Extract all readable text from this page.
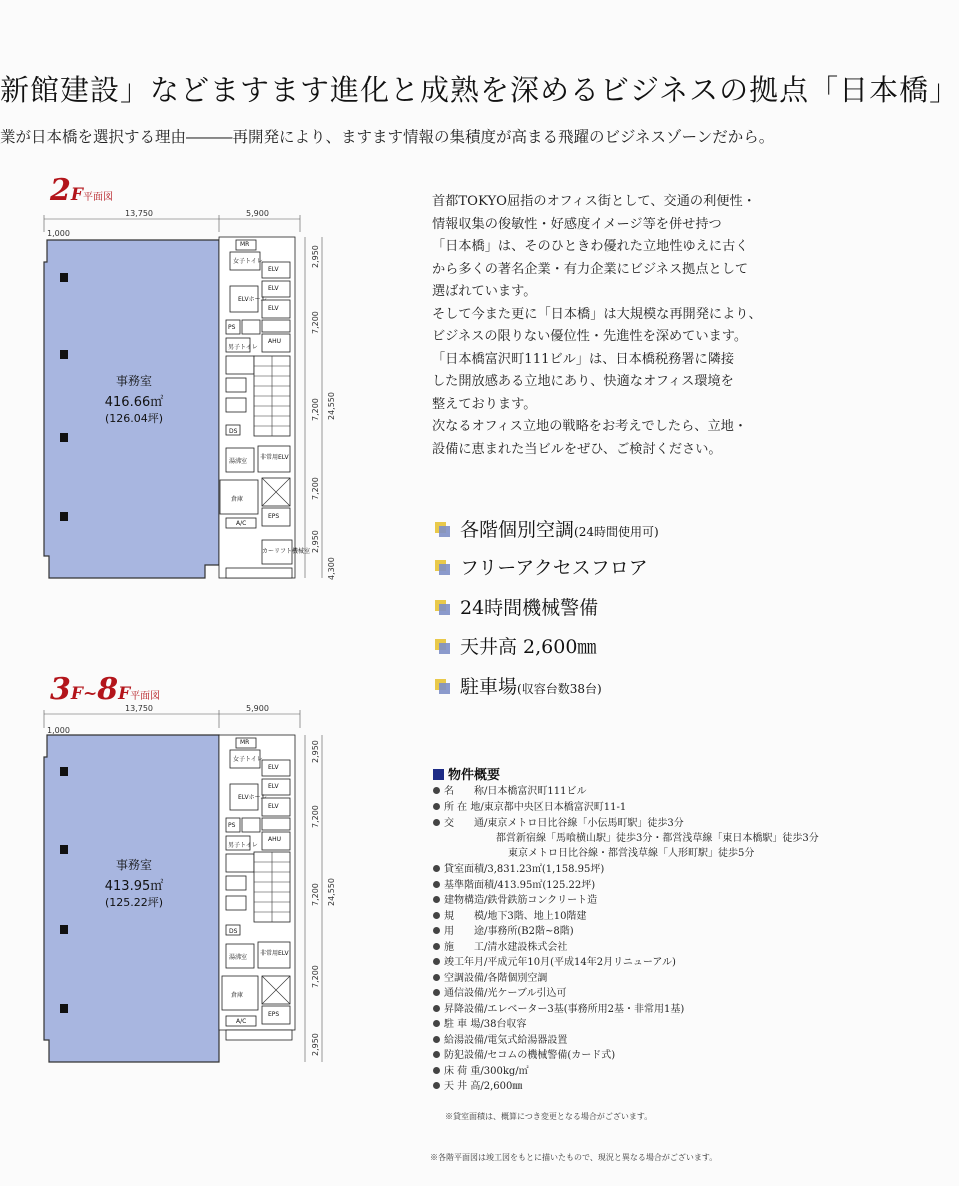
新館建設」などますます進化と成熟を深めるビジネスの拠点「日本橋」
業が日本橋を選択する理由―――再開発により、ますます情報の集積度が高まる飛躍のビジネスゾーンだから。
2F平面図
13,750	5,900
1,000
2,950
7,200
7,200
7,200
2,950
4,300
24,550
事務室
416.66㎡
(126.04坪)
MR
女子トイレ
ELVホール
ELV
ELV
ELV
PS
男子トイレ
AHU
湯沸室
DS
非常用ELV
倉庫
EPS
カーリフト機械室
A/C
3F~8F平面図
13,750	5,900
1,000
2,950
7,200
7,200
7,200
2,950
24,550
事務室
413.95㎡
(125.22坪)
MR
女子トイレ
ELVホール
ELV
ELV
ELV
PS
男子トイレ
AHU
湯沸室
DS
非常用ELV
倉庫
EPS
A/C

首都TOKYO屈指のオフィス街として、交通の利便性・

情報収集の俊敏性・好感度イメージ等を併せ持つ

「日本橋」は、そのひときわ優れた立地性ゆえに古く

から多くの著名企業・有力企業にビジネス拠点として

選ばれています。

そして今また更に「日本橋」は大規模な再開発により、

ビジネスの限りない優位性・先進性を深めています。

「日本橋富沢町111ビル」は、日本橋税務署に隣接

した開放感ある立地にあり、快適なオフィス環境を

整えております。

次なるオフィス立地の戦略をお考えでしたら、立地・

設備に恵まれた当ビルをぜひ、ご検討ください。

各階個別空調(24時間使用可)
フリーアクセスフロア
24時間機械警備
天井高 2,600㎜
駐車場(収容台数38台)
物件概要
名　　称/日本橋富沢町111ビル
所 在 地/東京都中央区日本橋富沢町11-1
交　　通/東京メトロ日比谷線「小伝馬町駅」徒歩3分
都営新宿線「馬喰横山駅」徒歩3分・都営浅草線「東日本橋駅」徒歩3分
東京メトロ日比谷線・都営浅草線「人形町駅」徒歩5分
貸室面積/3,831.23㎡(1,158.95坪)
基準階面積/413.95㎡(125.22坪)
建物構造/鉄骨鉄筋コンクリート造
規　　模/地下3階、地上10階建
用　　途/事務所(B2階~8階)
施　　工/清水建設株式会社
竣工年月/平成元年10月(平成14年2月リニューアル)
空調設備/各階個別空調
通信設備/光ケーブル引込可
昇降設備/エレベーター3基(事務所用2基・非常用1基)
駐 車 場/38台収容
給湯設備/電気式給湯器設置
防犯設備/セコムの機械警備(カード式)
床 荷 重/300kg/㎡
天 井 高/2,600㎜
※貸室面積は、概算につき変更となる場合がございます。
※各階平面図は竣工図をもとに描いたもので、現況と異なる場合がございます。
